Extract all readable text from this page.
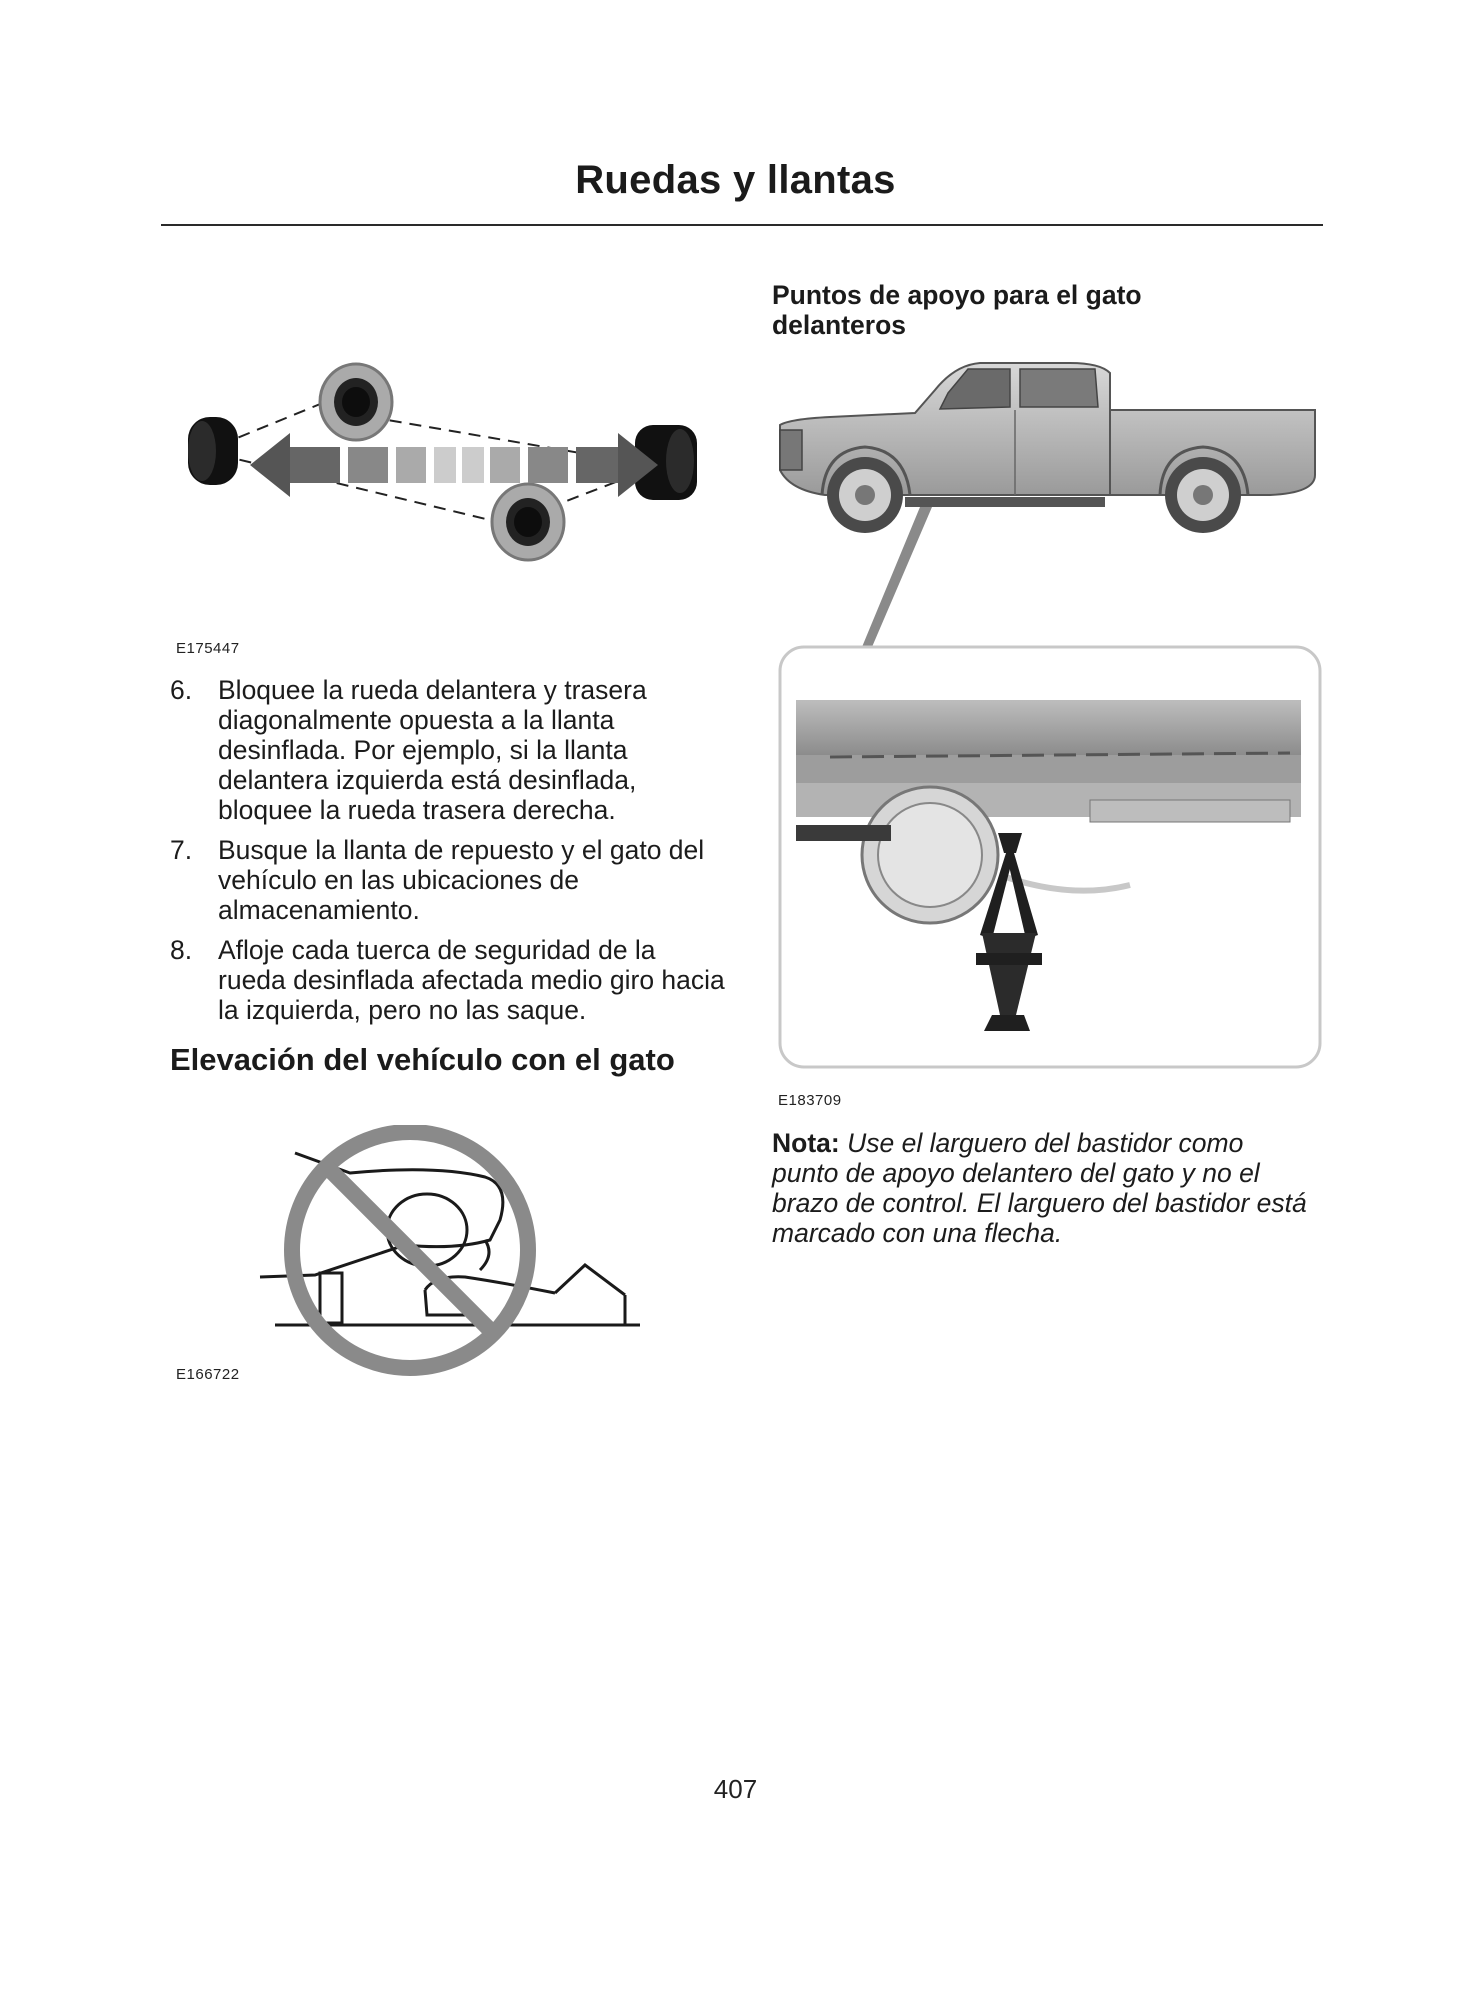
Ruedas y llantas
E175447
6. Bloquee la rueda delantera y trasera diagonalmente opuesta a la llanta desinflada. Por ejemplo, si la llanta delantera izquierda está desinflada, bloquee la rueda trasera derecha.
7. Busque la llanta de repuesto y el gato del vehículo en las ubicaciones de almacenamiento.
8. Afloje cada tuerca de seguridad de la rueda desinflada afectada medio giro hacia la izquierda, pero no las saque.
Elevación del vehículo con el gato
E166722
Puntos de apoyo para el gato delanteros
E183709
Nota: Use el larguero del bastidor como punto de apoyo delantero del gato y no el brazo de control. El larguero del bastidor está marcado con una flecha.
407
